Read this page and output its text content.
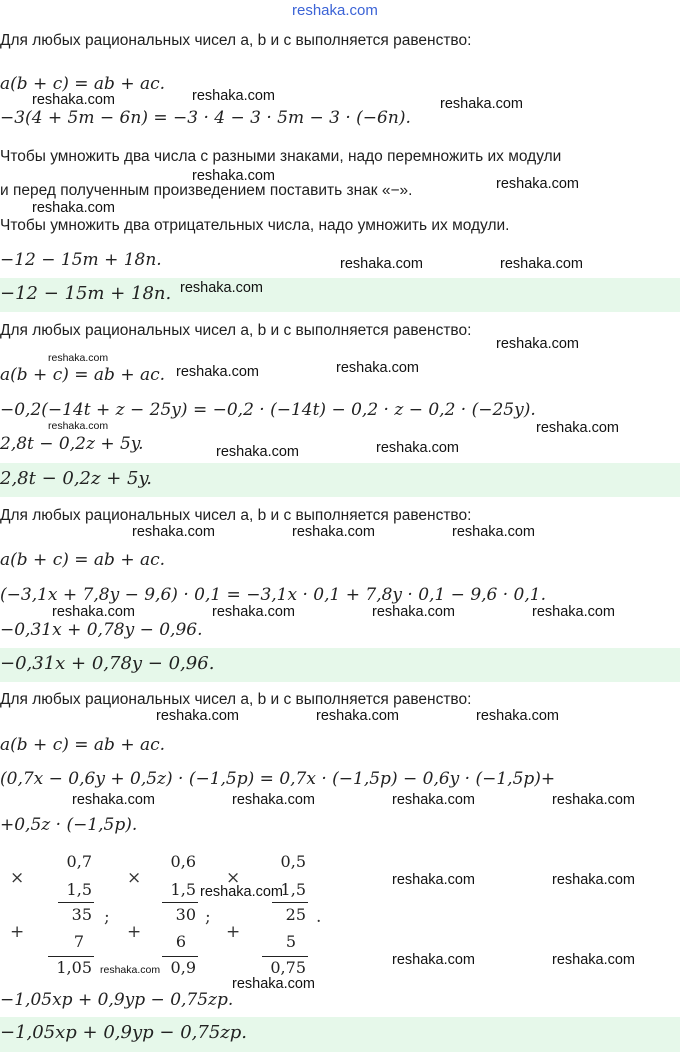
reshaka.com
Для любых рациональных чисел a, b и c выполняется равенство:
a(b + c) = ab + ac.
−3(4 + 5m − 6n) = −3 · 4 − 3 · 5m − 3 · (−6n).
Чтобы умножить два числа с разными знаками, надо перемножить их модули
и перед полученным произведением поставить знак «−».
Чтобы умножить два отрицательных числа, надо умножить их модули.
−12 − 15m + 18n.
−12 − 15m + 18n.
Для любых рациональных чисел a, b и c выполняется равенство:
a(b + c) = ab + ac.
−0,2(−14t + z − 25y) = −0,2 · (−14t) − 0,2 · z − 0,2 · (−25y).
2,8t − 0,2z + 5y.
2,8t − 0,2z + 5y.
Для любых рациональных чисел a, b и c выполняется равенство:
a(b + c) = ab + ac.
(−3,1x + 7,8y − 9,6) · 0,1 = −3,1x · 0,1 + 7,8y · 0,1 − 9,6 · 0,1.
−0,31x + 0,78y − 0,96.
−0,31x + 0,78y − 0,96.
Для любых рациональных чисел a, b и c выполняется равенство:
a(b + c) = ab + ac.
(0,7x − 0,6y + 0,5z) · (−1,5p) = 0,7x · (−1,5p) − 0,6y · (−1,5p)+
+0,5z · (−1,5p).
×
0,7
1,5
35 ;
+	7
1,05
×
0,6
1,5
30 ;
+	6
0,9
×
0,5
1,5
25 .
+	5
0,75
−1,05xp + 0,9yp − 0,75zp.
−1,05xp + 0,9yp − 0,75zp.
reshaka.com	reshaka.com	reshaka.com
reshaka.com	reshaka.com
reshaka.com
reshaka.com	reshaka.com
reshaka.com
reshaka.com
reshaka.com
reshaka.com	reshaka.com
reshaka.com	reshaka.com
reshaka.com	reshaka.com
reshaka.com	reshaka.com	reshaka.com
reshaka.com	reshaka.com	reshaka.com	reshaka.com
reshaka.com	reshaka.com	reshaka.com
reshaka.com	reshaka.com	reshaka.com	reshaka.com
reshaka.com	reshaka.com
reshaka.com
reshaka.com	reshaka.com
reshaka.com
reshaka.com
